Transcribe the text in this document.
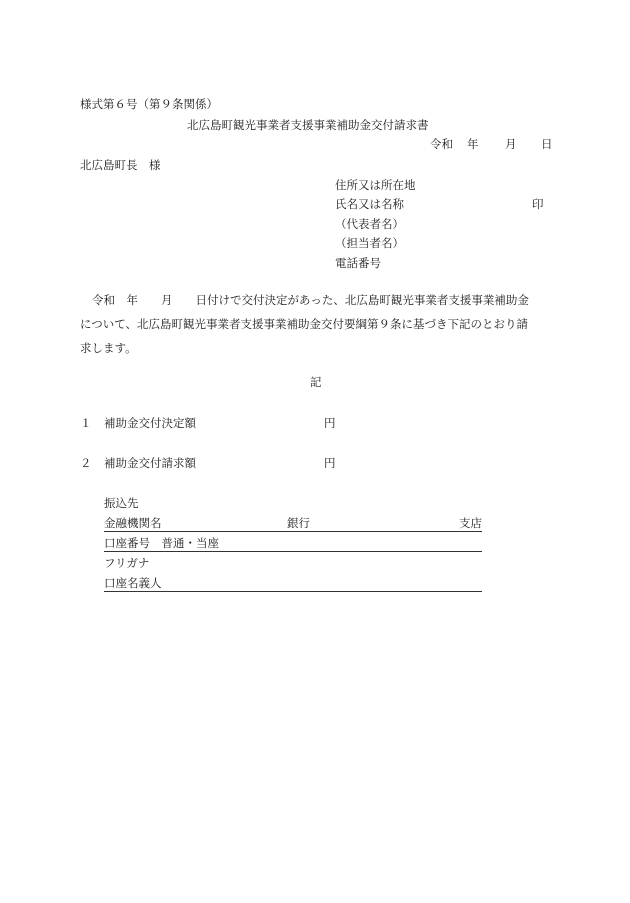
様式第６号（第９条関係）
北広島町観光事業者支援事業補助金交付請求書
令和 年 月 日
北広島町長　様
住所又は所在地
氏名又は名称	印
（代表者名）
（担当者名）
電話番号
令和　年　　月　　日付けで交付決定があった、北広島町観光事業者支援事業補助金
について、北広島町観光事業者支援事業補助金交付要綱第９条に基づき下記のとおり請
求します。
記
１ 補助金交付決定額	円
２ 補助金交付請求額	円
振込先
金融機関名	銀行	支店
口座番号　普通・当座
フリガナ
口座名義人
